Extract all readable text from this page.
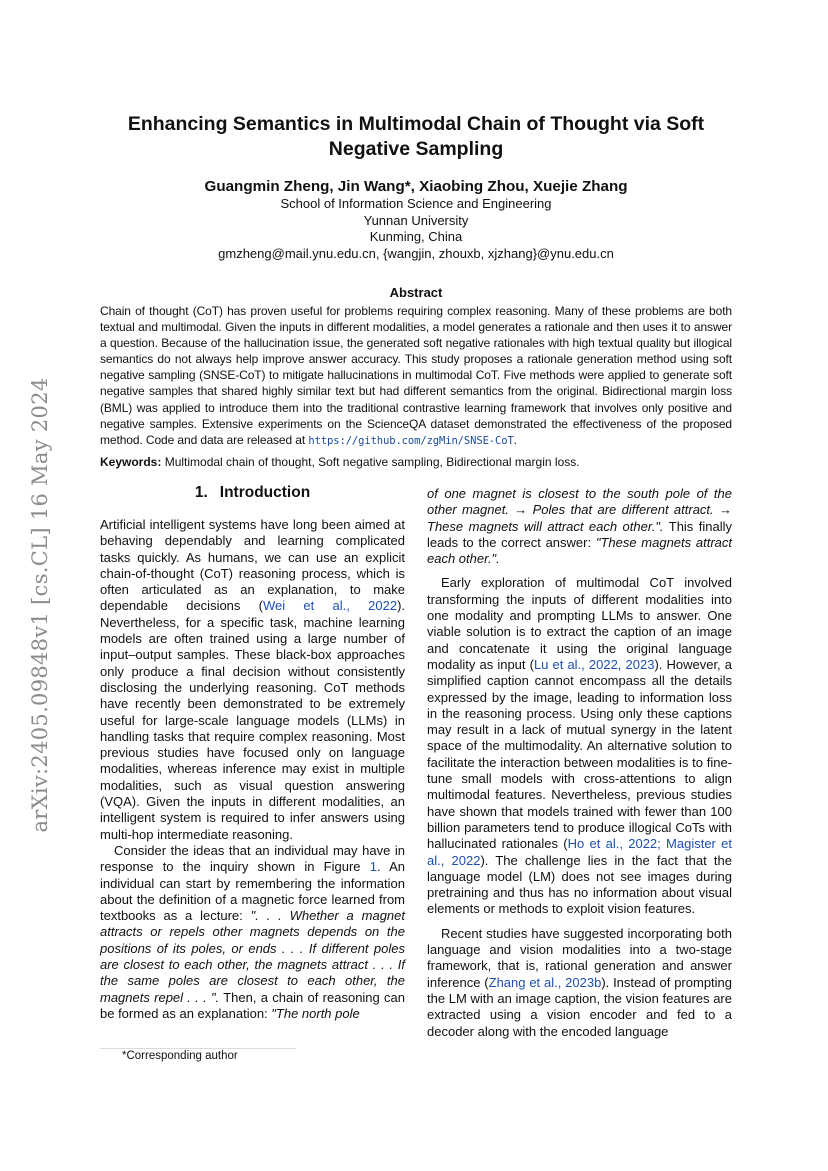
arXiv:2405.09848v1 [cs.CL] 16 May 2024
Enhancing Semantics in Multimodal Chain of Thought via Soft Negative Sampling
Guangmin Zheng, Jin Wang*, Xiaobing Zhou, Xuejie Zhang
School of Information Science and Engineering
Yunnan University
Kunming, China
gmzheng@mail.ynu.edu.cn, {wangjin, zhouxb, xjzhang}@ynu.edu.cn
Abstract
Chain of thought (CoT) has proven useful for problems requiring complex reasoning. Many of these problems are both textual and multimodal. Given the inputs in different modalities, a model generates a rationale and then uses it to answer a question. Because of the hallucination issue, the generated soft negative rationales with high textual quality but illogical semantics do not always help improve answer accuracy. This study proposes a rationale generation method using soft negative sampling (SNSE-CoT) to mitigate hallucinations in multimodal CoT. Five methods were applied to generate soft negative samples that shared highly similar text but had different semantics from the original. Bidirectional margin loss (BML) was applied to introduce them into the traditional contrastive learning framework that involves only positive and negative samples. Extensive experiments on the ScienceQA dataset demonstrated the effectiveness of the proposed method. Code and data are released at https://github.com/zgMin/SNSE-CoT.
Keywords: Multimodal chain of thought, Soft negative sampling, Bidirectional margin loss.
1. Introduction

Artificial intelligent systems have long been aimed at behaving dependably and learning complicated tasks quickly. As humans, we can use an explicit chain-of-thought (CoT) reasoning process, which is often articulated as an explanation, to make dependable decisions (Wei et al., 2022). Nevertheless, for a specific task, machine learning models are often trained using a large number of input–output samples. These black-box approaches only produce a final decision without consistently disclosing the underlying reasoning. CoT methods have recently been demonstrated to be extremely useful for large-scale language models (LLMs) in handling tasks that require complex reasoning. Most previous studies have focused only on language modalities, whereas inference may exist in multiple modalities, such as visual question answering (VQA). Given the inputs in different modalities, an intelligent system is required to infer answers using multi-hop intermediate reasoning.

Consider the ideas that an individual may have in response to the inquiry shown in Figure 1. An individual can start by remembering the information about the definition of a magnetic force learned from textbooks as a lecture: ". . . Whether a magnet attracts or repels other magnets depends on the positions of its poles, or ends . . . If different poles are closest to each other, the magnets attract . . . If the same poles are closest to each other, the magnets repel . . . ". Then, a chain of reasoning can be formed as an explanation: "The north pole

of one magnet is closest to the south pole of the other magnet. → Poles that are different attract. → These magnets will attract each other.". This finally leads to the correct answer: "These magnets attract each other.".

Early exploration of multimodal CoT involved transforming the inputs of different modalities into one modality and prompting LLMs to answer. One viable solution is to extract the caption of an image and concatenate it using the original language modality as input (Lu et al., 2022, 2023). However, a simplified caption cannot encompass all the details expressed by the image, leading to information loss in the reasoning process. Using only these captions may result in a lack of mutual synergy in the latent space of the multimodality. An alternative solution to facilitate the interaction between modalities is to fine-tune small models with cross-attentions to align multimodal features. Nevertheless, previous studies have shown that models trained with fewer than 100 billion parameters tend to produce illogical CoTs with hallucinated rationales (Ho et al., 2022; Magister et al., 2022). The challenge lies in the fact that the language model (LM) does not see images during pretraining and thus has no information about visual elements or methods to exploit vision features.

Recent studies have suggested incorporating both language and vision modalities into a two-stage framework, that is, rational generation and answer inference (Zhang et al., 2023b). Instead of prompting the LM with an image caption, the vision features are extracted using a vision encoder and fed to a decoder along with the encoded language

*Corresponding author
